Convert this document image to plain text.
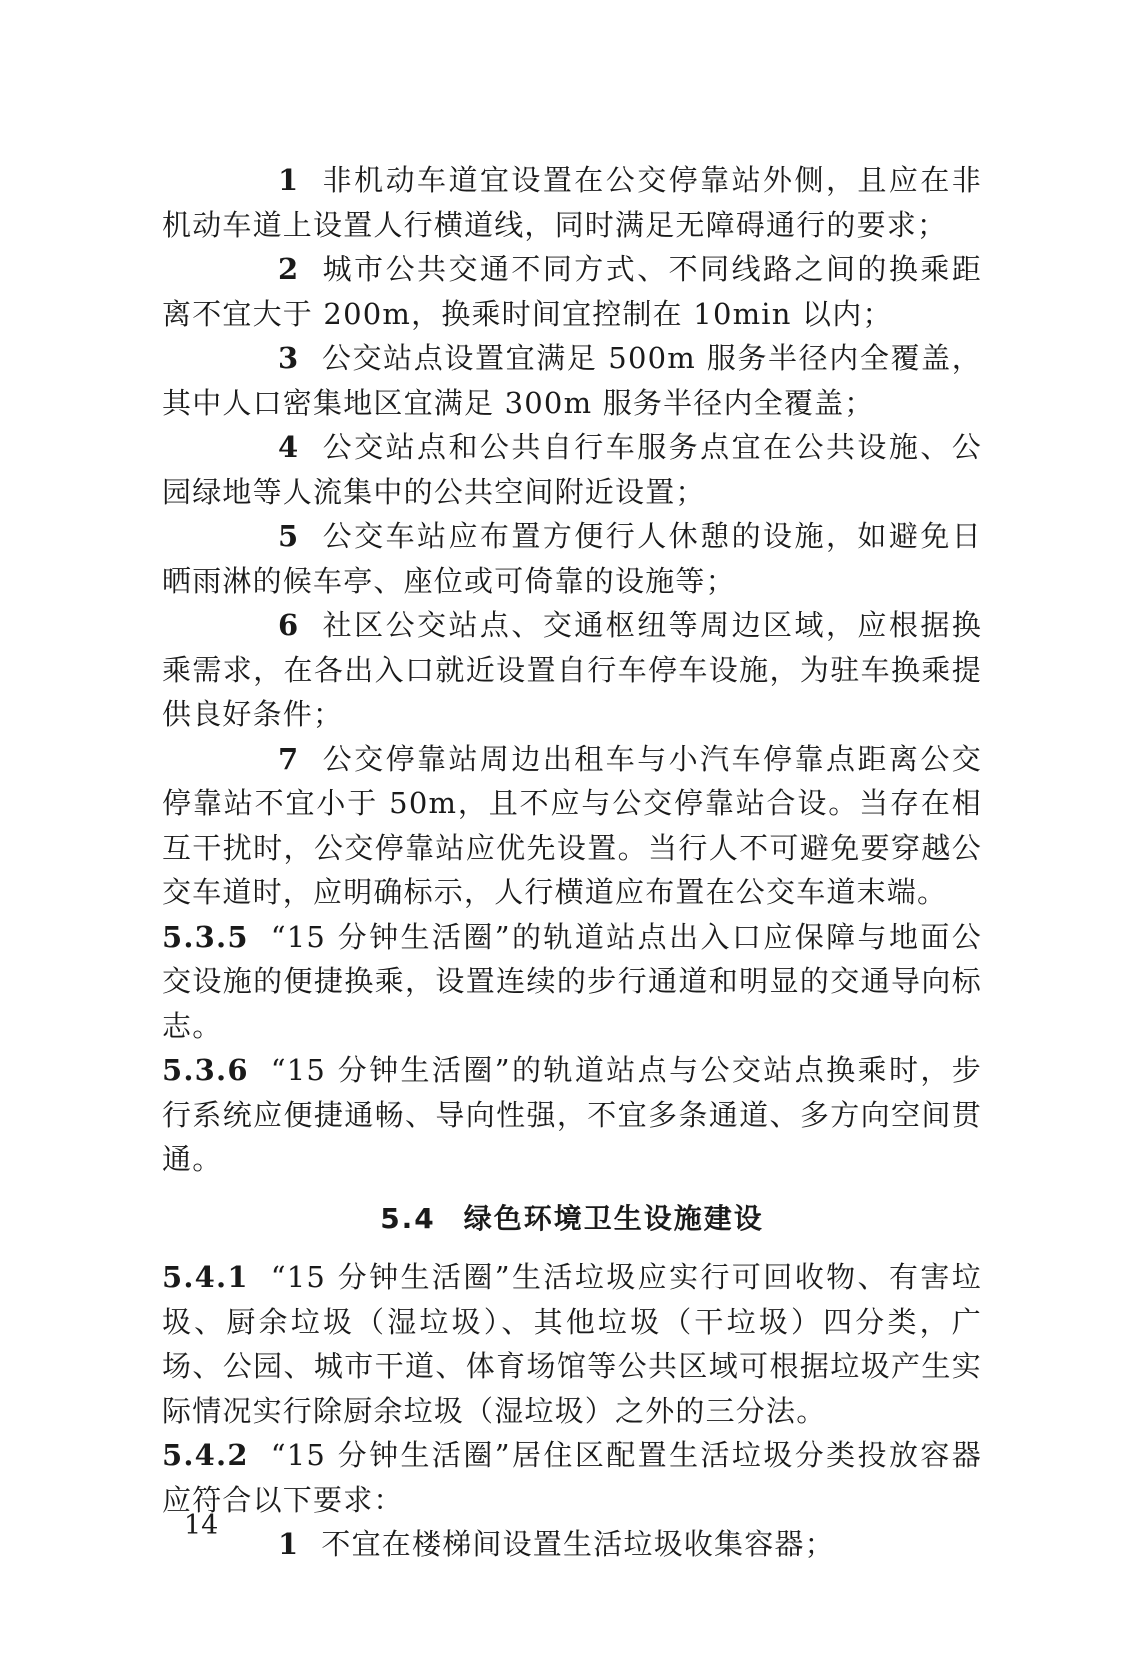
1 非机动车道宜设置在公交停靠站外侧，且应在非机动车道上设置人行横道线，同时满足无障碍通行的要求；

2 城市公共交通不同方式、不同线路之间的换乘距离不宜大于 200m，换乘时间宜控制在 10min 以内；

3 公交站点设置宜满足 500m 服务半径内全覆盖，其中人口密集地区宜满足 300m 服务半径内全覆盖；

4 公交站点和公共自行车服务点宜在公共设施、公园绿地等人流集中的公共空间附近设置；

5 公交车站应布置方便行人休憩的设施，如避免日晒雨淋的候车亭、座位或可倚靠的设施等；

6 社区公交站点、交通枢纽等周边区域，应根据换乘需求，在各出入口就近设置自行车停车设施，为驻车换乘提供良好条件；

7 公交停靠站周边出租车与小汽车停靠点距离公交停靠站不宜小于 50m，且不应与公交停靠站合设。当存在相互干扰时，公交停靠站应优先设置。当行人不可避免要穿越公交车道时，应明确标示，人行横道应布置在公交车道末端。

5.3.5 “15 分钟生活圈”的轨道站点出入口应保障与地面公交设施的便捷换乘，设置连续的步行通道和明显的交通导向标志。

5.3.6 “15 分钟生活圈”的轨道站点与公交站点换乘时，步行系统应便捷通畅、导向性强，不宜多条通道、多方向空间贯通。

5.4 绿色环境卫生设施建设

5.4.1 “15 分钟生活圈”生活垃圾应实行可回收物、有害垃圾、厨余垃圾（湿垃圾）、其他垃圾（干垃圾）四分类，广场、公园、城市干道、体育场馆等公共区域可根据垃圾产生实际情况实行除厨余垃圾（湿垃圾）之外的三分法。

5.4.2 “15 分钟生活圈”居住区配置生活垃圾分类投放容器应符合以下要求：

1 不宜在楼梯间设置生活垃圾收集容器；

14
